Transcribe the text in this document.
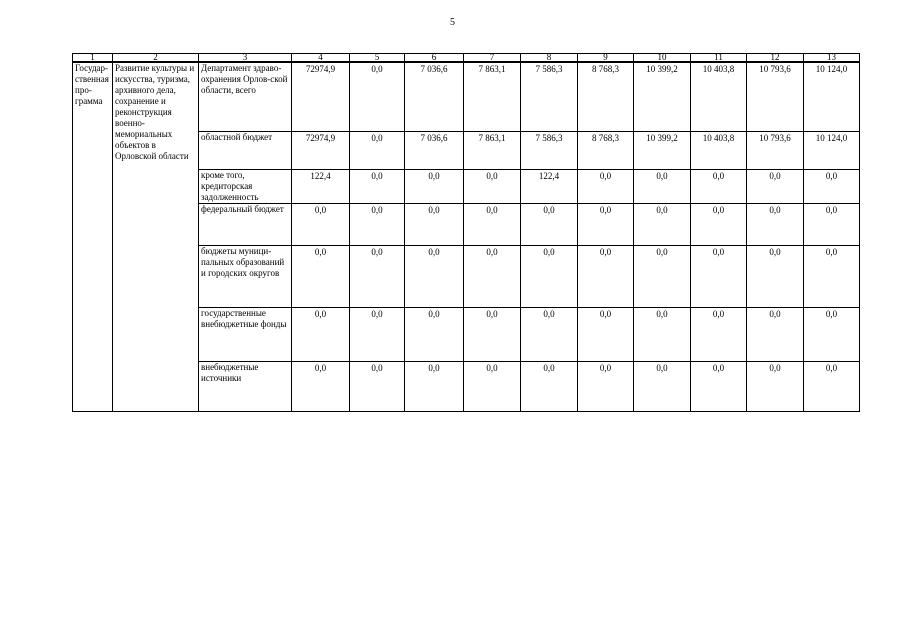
5
1	2	3	4	5	6	7	8	9	10	11	12	13
Государ-ственная про-грамма	Развитие культуры и искусства, туризма, архивного дела, сохранение и реконструкция военно-мемориальных объектов в Орловской области	Департамент здраво-охранения Орлов-ской области, всего	72974,9	0,0	7 036,6	7 863,1	7 586,3	8 768,3	10 399,2	10 403,8	10 793,6	10 124,0
		областной бюджет	72974,9	0,0	7 036,6	7 863,1	7 586,3	8 768,3	10 399,2	10 403,8	10 793,6	10 124,0
		кроме того, кредиторская задолженность	122,4	0,0	0,0	0,0	122,4	0,0	0,0	0,0	0,0	0,0
		федеральный бюджет	0,0	0,0	0,0	0,0	0,0	0,0	0,0	0,0	0,0	0,0
		бюджеты муници-пальных образований и городских округов	0,0	0,0	0,0	0,0	0,0	0,0	0,0	0,0	0,0	0,0
		государственные внебюджетные фонды	0,0	0,0	0,0	0,0	0,0	0,0	0,0	0,0	0,0	0,0
		внебюджетные источники	0,0	0,0	0,0	0,0	0,0	0,0	0,0	0,0	0,0	0,0
